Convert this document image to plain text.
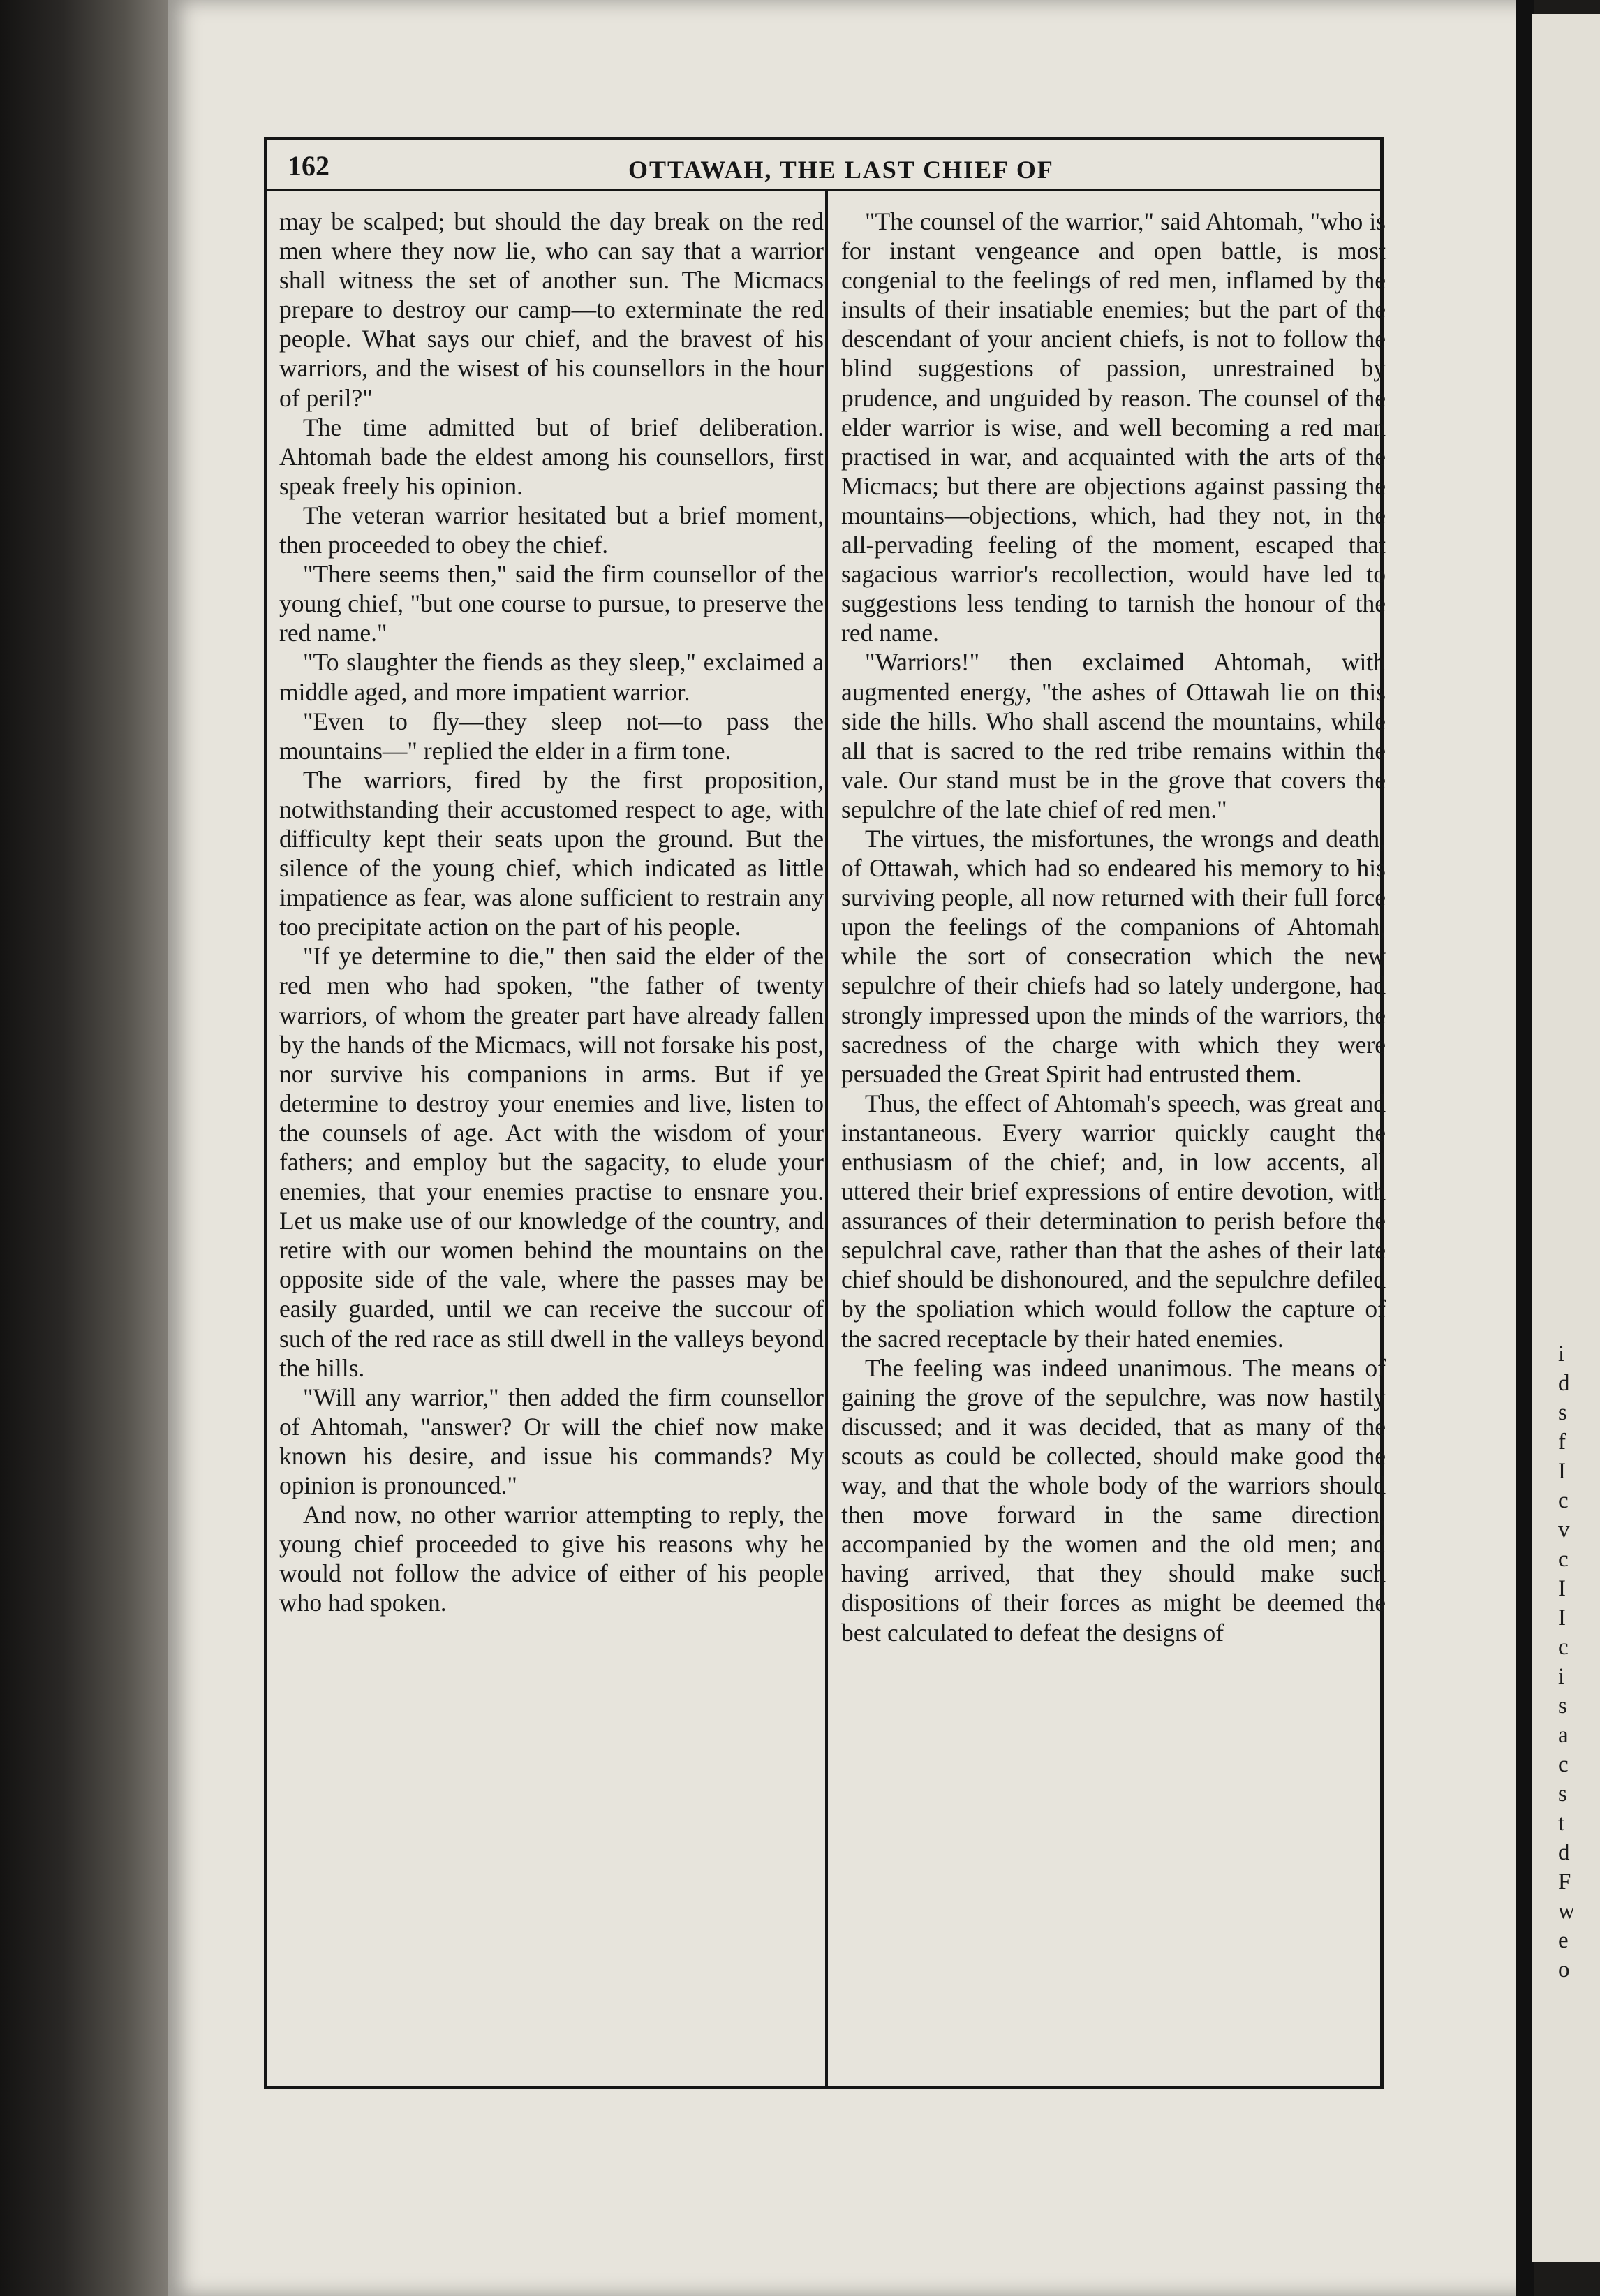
162	OTTAWAH, THE LAST CHIEF OF

may be scalped; but should the day break on the red men where they now lie, who can say that a warrior shall witness the set of another sun. The Micmacs prepare to destroy our camp—to exterminate the red people. What says our chief, and the bravest of his warriors, and the wisest of his counsellors in the hour of peril?"

The time admitted but of brief deliberation. Ahtomah bade the eldest among his counsellors, first speak freely his opinion.

The veteran warrior hesitated but a brief moment, then proceeded to obey the chief.

"There seems then," said the firm counsellor of the young chief, "but one course to pursue, to preserve the red name."

"To slaughter the fiends as they sleep," exclaimed a middle aged, and more impatient warrior.

"Even to fly—they sleep not—to pass the mountains—" replied the elder in a firm tone.

The warriors, fired by the first proposition, notwithstanding their accustomed respect to age, with difficulty kept their seats upon the ground. But the silence of the young chief, which indicated as little impatience as fear, was alone sufficient to restrain any too precipitate action on the part of his people.

"If ye determine to die," then said the elder of the red men who had spoken, "the father of twenty warriors, of whom the greater part have already fallen by the hands of the Micmacs, will not forsake his post, nor survive his companions in arms. But if ye determine to destroy your enemies and live, listen to the counsels of age. Act with the wisdom of your fathers; and employ but the sagacity, to elude your enemies, that your enemies practise to ensnare you. Let us make use of our knowledge of the country, and retire with our women behind the mountains on the opposite side of the vale, where the passes may be easily guarded, until we can receive the succour of such of the red race as still dwell in the valleys beyond the hills.

"Will any warrior," then added the firm counsellor of Ahtomah, "answer? Or will the chief now make known his desire, and issue his commands? My opinion is pronounced."

And now, no other warrior attempting to reply, the young chief proceeded to give his reasons why he would not follow the advice of either of his people who had spoken.

"The counsel of the warrior," said Ahtomah, "who is for instant vengeance and open battle, is most congenial to the feelings of red men, inflamed by the insults of their insatiable enemies; but the part of the descendant of your ancient chiefs, is not to follow the blind suggestions of passion, unrestrained by prudence, and unguided by reason. The counsel of the elder warrior is wise, and well becoming a red man practised in war, and acquainted with the arts of the Micmacs; but there are objections against passing the mountains—objections, which, had they not, in the all-pervading feeling of the moment, escaped that sagacious warrior's recollection, would have led to suggestions less tending to tarnish the honour of the red name.

"Warriors!" then exclaimed Ahtomah, with augmented energy, "the ashes of Ottawah lie on this side the hills. Who shall ascend the mountains, while all that is sacred to the red tribe remains within the vale. Our stand must be in the grove that covers the sepulchre of the late chief of red men."

The virtues, the misfortunes, the wrongs and death, of Ottawah, which had so endeared his memory to his surviving people, all now returned with their full force upon the feelings of the companions of Ahtomah, while the sort of consecration which the new sepulchre of their chiefs had so lately undergone, had strongly impressed upon the minds of the warriors, the sacredness of the charge with which they were persuaded the Great Spirit had entrusted them.

Thus, the effect of Ahtomah's speech, was great and instantaneous. Every warrior quickly caught the enthusiasm of the chief; and, in low accents, all uttered their brief expressions of entire devotion, with assurances of their determination to perish before the sepulchral cave, rather than that the ashes of their late chief should be dishonoured, and the sepulchre defiled by the spoliation which would follow the capture of the sacred receptacle by their hated enemies.

The feeling was indeed unanimous. The means of gaining the grove of the sepulchre, was now hastily discussed; and it was decided, that as many of the scouts as could be collected, should make good the way, and that the whole body of the warriors should then move forward in the same direction, accompanied by the women and the old men; and having arrived, that they should make such dispositions of their forces as might be deemed the best calculated to defeat the designs of

i
d
s
f
I
c
v
c
I
I
c
i
s
a
c
s
t
d
F
w
e
o
